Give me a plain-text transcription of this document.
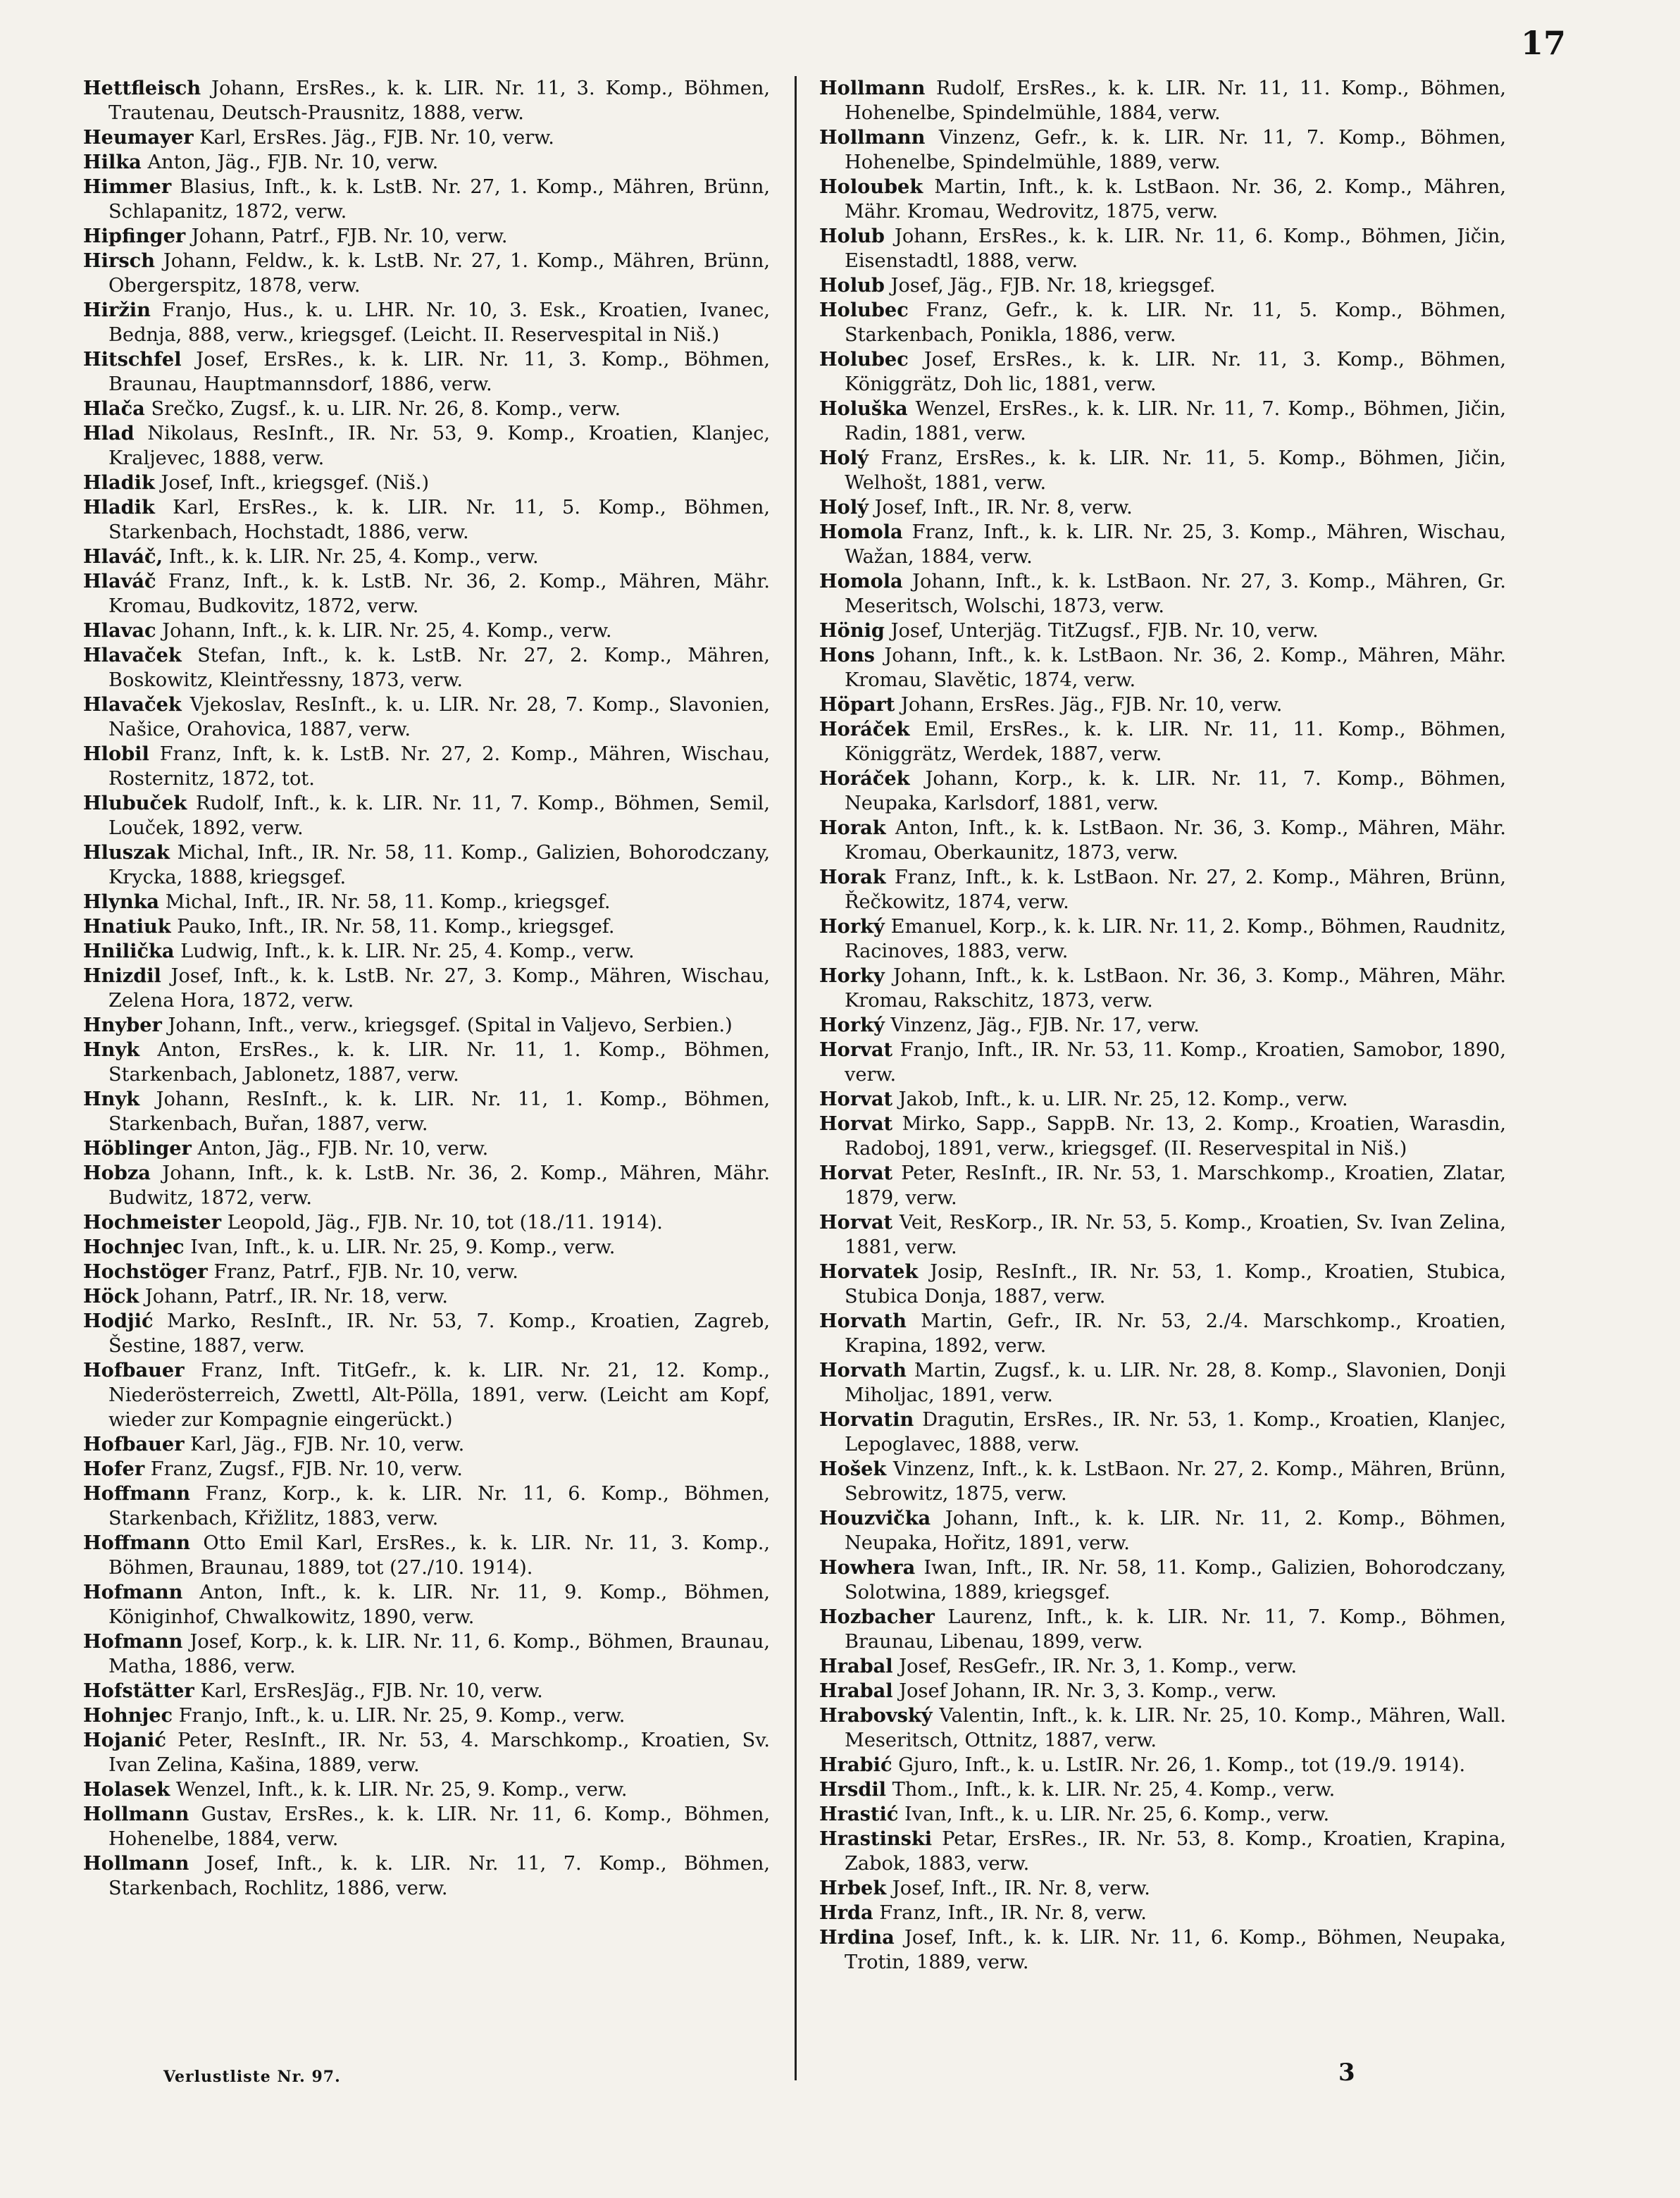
17
Hettfleisch Johann, ErsRes., k. k. LIR. Nr. 11, 3. Komp., Böhmen, Trautenau, Deutsch-Prausnitz, 1888, verw.
Heumayer Karl, ErsRes. Jäg., FJB. Nr. 10, verw.
Hilka Anton, Jäg., FJB. Nr. 10, verw.
Himmer Blasius, Inft., k. k. LstB. Nr. 27, 1. Komp., Mähren, Brünn, Schlapanitz, 1872, verw.
Hipfinger Johann, Patrf., FJB. Nr. 10, verw.
Hirsch Johann, Feldw., k. k. LstB. Nr. 27, 1. Komp., Mähren, Brünn, Obergerspitz, 1878, verw.
Hiržin Franjo, Hus., k. u. LHR. Nr. 10, 3. Esk., Kroatien, Ivanec, Bednja, 888, verw., kriegsgef. (Leicht. II. Reservespital in Niš.)
Hitschfel Josef, ErsRes., k. k. LIR. Nr. 11, 3. Komp., Böhmen, Braunau, Hauptmannsdorf, 1886, verw.
Hlača Srečko, Zugsf., k. u. LIR. Nr. 26, 8. Komp., verw.
Hlad Nikolaus, ResInft., IR. Nr. 53, 9. Komp., Kroatien, Klanjec, Kraljevec, 1888, verw.
Hladik Josef, Inft., kriegsgef. (Niš.)
Hladik Karl, ErsRes., k. k. LIR. Nr. 11, 5. Komp., Böhmen, Starkenbach, Hochstadt, 1886, verw.
Hlaváč, Inft., k. k. LIR. Nr. 25, 4. Komp., verw.
Hlaváč Franz, Inft., k. k. LstB. Nr. 36, 2. Komp., Mähren, Mähr. Kromau, Budkovitz, 1872, verw.
Hlavac Johann, Inft., k. k. LIR. Nr. 25, 4. Komp., verw.
Hlavaček Stefan, Inft., k. k. LstB. Nr. 27, 2. Komp., Mähren, Boskowitz, Kleintřessny, 1873, verw.
Hlavaček Vjekoslav, ResInft., k. u. LIR. Nr. 28, 7. Komp., Slavonien, Našice, Orahovica, 1887, verw.
Hlobil Franz, Inft, k. k. LstB. Nr. 27, 2. Komp., Mähren, Wischau, Rosternitz, 1872, tot.
Hlubuček Rudolf, Inft., k. k. LIR. Nr. 11, 7. Komp., Böhmen, Semil, Louček, 1892, verw.
Hluszak Michal, Inft., IR. Nr. 58, 11. Komp., Galizien, Bohorodczany, Krycka, 1888, kriegsgef.
Hlynka Michal, Inft., IR. Nr. 58, 11. Komp., kriegsgef.
Hnatiuk Pauko, Inft., IR. Nr. 58, 11. Komp., kriegsgef.
Hnilička Ludwig, Inft., k. k. LIR. Nr. 25, 4. Komp., verw.
Hnizdil Josef, Inft., k. k. LstB. Nr. 27, 3. Komp., Mähren, Wischau, Zelena Hora, 1872, verw.
Hnyber Johann, Inft., verw., kriegsgef. (Spital in Valjevo, Serbien.)
Hnyk Anton, ErsRes., k. k. LIR. Nr. 11, 1. Komp., Böhmen, Starkenbach, Jablonetz, 1887, verw.
Hnyk Johann, ResInft., k. k. LIR. Nr. 11, 1. Komp., Böhmen, Starkenbach, Buřan, 1887, verw.
Höblinger Anton, Jäg., FJB. Nr. 10, verw.
Hobza Johann, Inft., k. k. LstB. Nr. 36, 2. Komp., Mähren, Mähr. Budwitz, 1872, verw.
Hochmeister Leopold, Jäg., FJB. Nr. 10, tot (18./11. 1914).
Hochnjec Ivan, Inft., k. u. LIR. Nr. 25, 9. Komp., verw.
Hochstöger Franz, Patrf., FJB. Nr. 10, verw.
Höck Johann, Patrf., IR. Nr. 18, verw.
Hodjić Marko, ResInft., IR. Nr. 53, 7. Komp., Kroatien, Zagreb, Šestine, 1887, verw.
Hofbauer Franz, Inft. TitGefr., k. k. LIR. Nr. 21, 12. Komp., Niederösterreich, Zwettl, Alt-Pölla, 1891, verw. (Leicht am Kopf, wieder zur Kompagnie eingerückt.)
Hofbauer Karl, Jäg., FJB. Nr. 10, verw.
Hofer Franz, Zugsf., FJB. Nr. 10, verw.
Hoffmann Franz, Korp., k. k. LIR. Nr. 11, 6. Komp., Böhmen, Starkenbach, Křižlitz, 1883, verw.
Hoffmann Otto Emil Karl, ErsRes., k. k. LIR. Nr. 11, 3. Komp., Böhmen, Braunau, 1889, tot (27./10. 1914).
Hofmann Anton, Inft., k. k. LIR. Nr. 11, 9. Komp., Böhmen, Königinhof, Chwalkowitz, 1890, verw.
Hofmann Josef, Korp., k. k. LIR. Nr. 11, 6. Komp., Böhmen, Braunau, Matha, 1886, verw.
Hofstätter Karl, ErsResJäg., FJB. Nr. 10, verw.
Hohnjec Franjo, Inft., k. u. LIR. Nr. 25, 9. Komp., verw.
Hojanić Peter, ResInft., IR. Nr. 53, 4. Marschkomp., Kroatien, Sv. Ivan Zelina, Kašina, 1889, verw.
Holasek Wenzel, Inft., k. k. LIR. Nr. 25, 9. Komp., verw.
Hollmann Gustav, ErsRes., k. k. LIR. Nr. 11, 6. Komp., Böhmen, Hohenelbe, 1884, verw.
Hollmann Josef, Inft., k. k. LIR. Nr. 11, 7. Komp., Böhmen, Starkenbach, Rochlitz, 1886, verw.
Hollmann Rudolf, ErsRes., k. k. LIR. Nr. 11, 11. Komp., Böhmen, Hohenelbe, Spindelmühle, 1884, verw.
Hollmann Vinzenz, Gefr., k. k. LIR. Nr. 11, 7. Komp., Böhmen, Hohenelbe, Spindelmühle, 1889, verw.
Holoubek Martin, Inft., k. k. LstBaon. Nr. 36, 2. Komp., Mähren, Mähr. Kromau, Wedrovitz, 1875, verw.
Holub Johann, ErsRes., k. k. LIR. Nr. 11, 6. Komp., Böhmen, Jičin, Eisenstadtl, 1888, verw.
Holub Josef, Jäg., FJB. Nr. 18, kriegsgef.
Holubec Franz, Gefr., k. k. LIR. Nr. 11, 5. Komp., Böhmen, Starkenbach, Ponikla, 1886, verw.
Holubec Josef, ErsRes., k. k. LIR. Nr. 11, 3. Komp., Böhmen, Königgrätz, Doh lic, 1881, verw.
Holuška Wenzel, ErsRes., k. k. LIR. Nr. 11, 7. Komp., Böhmen, Jičin, Radin, 1881, verw.
Holý Franz, ErsRes., k. k. LIR. Nr. 11, 5. Komp., Böhmen, Jičin, Welhošt, 1881, verw.
Holý Josef, Inft., IR. Nr. 8, verw.
Homola Franz, Inft., k. k. LIR. Nr. 25, 3. Komp., Mähren, Wischau, Wažan, 1884, verw.
Homola Johann, Inft., k. k. LstBaon. Nr. 27, 3. Komp., Mähren, Gr. Meseritsch, Wolschi, 1873, verw.
Hönig Josef, Unterjäg. TitZugsf., FJB. Nr. 10, verw.
Hons Johann, Inft., k. k. LstBaon. Nr. 36, 2. Komp., Mähren, Mähr. Kromau, Slavětic, 1874, verw.
Höpart Johann, ErsRes. Jäg., FJB. Nr. 10, verw.
Horáček Emil, ErsRes., k. k. LIR. Nr. 11, 11. Komp., Böhmen, Königgrätz, Werdek, 1887, verw.
Horáček Johann, Korp., k. k. LIR. Nr. 11, 7. Komp., Böhmen, Neupaka, Karlsdorf, 1881, verw.
Horak Anton, Inft., k. k. LstBaon. Nr. 36, 3. Komp., Mähren, Mähr. Kromau, Oberkaunitz, 1873, verw.
Horak Franz, Inft., k. k. LstBaon. Nr. 27, 2. Komp., Mähren, Brünn, Řečkowitz, 1874, verw.
Horký Emanuel, Korp., k. k. LIR. Nr. 11, 2. Komp., Böhmen, Raudnitz, Racinoves, 1883, verw.
Horky Johann, Inft., k. k. LstBaon. Nr. 36, 3. Komp., Mähren, Mähr. Kromau, Rakschitz, 1873, verw.
Horký Vinzenz, Jäg., FJB. Nr. 17, verw.
Horvat Franjo, Inft., IR. Nr. 53, 11. Komp., Kroatien, Samobor, 1890, verw.
Horvat Jakob, Inft., k. u. LIR. Nr. 25, 12. Komp., verw.
Horvat Mirko, Sapp., SappB. Nr. 13, 2. Komp., Kroatien, Warasdin, Radoboj, 1891, verw., kriegsgef. (II. Reservespital in Niš.)
Horvat Peter, ResInft., IR. Nr. 53, 1. Marschkomp., Kroatien, Zlatar, 1879, verw.
Horvat Veit, ResKorp., IR. Nr. 53, 5. Komp., Kroatien, Sv. Ivan Zelina, 1881, verw.
Horvatek Josip, ResInft., IR. Nr. 53, 1. Komp., Kroatien, Stubica, Stubica Donja, 1887, verw.
Horvath Martin, Gefr., IR. Nr. 53, 2./4. Marschkomp., Kroatien, Krapina, 1892, verw.
Horvath Martin, Zugsf., k. u. LIR. Nr. 28, 8. Komp., Slavonien, Donji Miholjac, 1891, verw.
Horvatin Dragutin, ErsRes., IR. Nr. 53, 1. Komp., Kroatien, Klanjec, Lepoglavec, 1888, verw.
Hošek Vinzenz, Inft., k. k. LstBaon. Nr. 27, 2. Komp., Mähren, Brünn, Sebrowitz, 1875, verw.
Houzvička Johann, Inft., k. k. LIR. Nr. 11, 2. Komp., Böhmen, Neupaka, Hořitz, 1891, verw.
Howhera Iwan, Inft., IR. Nr. 58, 11. Komp., Galizien, Bohorodczany, Solotwina, 1889, kriegsgef.
Hozbacher Laurenz, Inft., k. k. LIR. Nr. 11, 7. Komp., Böhmen, Braunau, Libenau, 1899, verw.
Hrabal Josef, ResGefr., IR. Nr. 3, 1. Komp., verw.
Hrabal Josef Johann, IR. Nr. 3, 3. Komp., verw.
Hrabovský Valentin, Inft., k. k. LIR. Nr. 25, 10. Komp., Mähren, Wall. Meseritsch, Ottnitz, 1887, verw.
Hrabić Gjuro, Inft., k. u. LstIR. Nr. 26, 1. Komp., tot (19./9. 1914).
Hrsdil Thom., Inft., k. k. LIR. Nr. 25, 4. Komp., verw.
Hrastić Ivan, Inft., k. u. LIR. Nr. 25, 6. Komp., verw.
Hrastinski Petar, ErsRes., IR. Nr. 53, 8. Komp., Kroatien, Krapina, Zabok, 1883, verw.
Hrbek Josef, Inft., IR. Nr. 8, verw.
Hrda Franz, Inft., IR. Nr. 8, verw.
Hrdina Josef, Inft., k. k. LIR. Nr. 11, 6. Komp., Böhmen, Neupaka, Trotin, 1889, verw.
Verlustliste Nr. 97.	3
